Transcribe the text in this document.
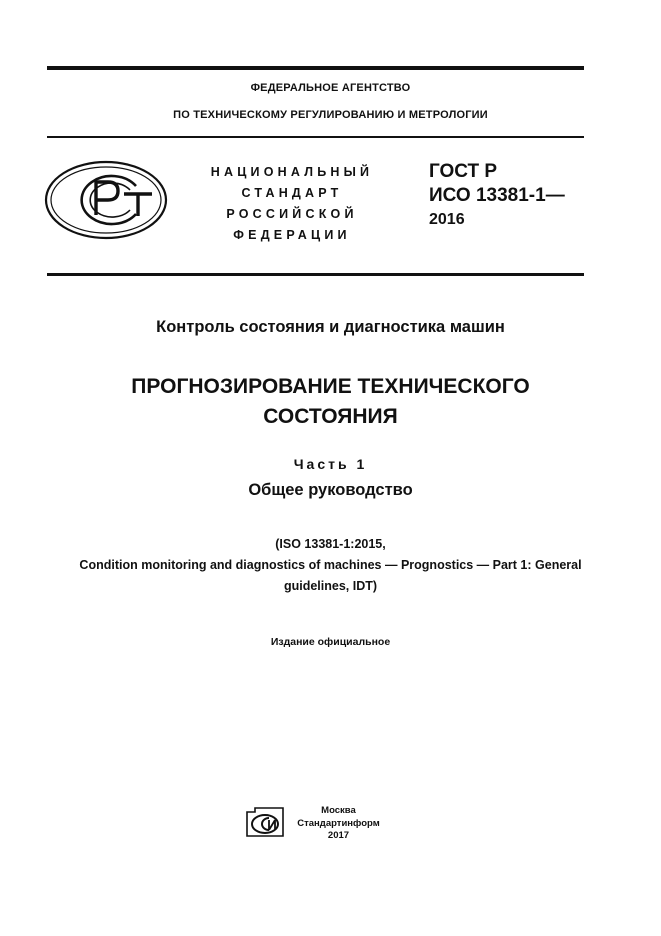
ФЕДЕРАЛЬНОЕ АГЕНТСТВО
ПО ТЕХНИЧЕСКОМУ РЕГУЛИРОВАНИЮ И МЕТРОЛОГИИ
НАЦИОНАЛЬНЫЙ
СТАНДАРТ
РОССИЙСКОЙ
ФЕДЕРАЦИИ
ГОСТ Р
ИСО 13381-1—
2016
Контроль состояния и диагностика машин
ПРОГНОЗИРОВАНИЕ ТЕХНИЧЕСКОГО
СОСТОЯНИЯ
Часть 1
Общее руководство
(ISO 13381-1:2015,
Condition monitoring and diagnostics of machines — Prognostics — Part 1: General
guidelines, IDT)
Издание официальное
Москва
Стандартинформ
2017
